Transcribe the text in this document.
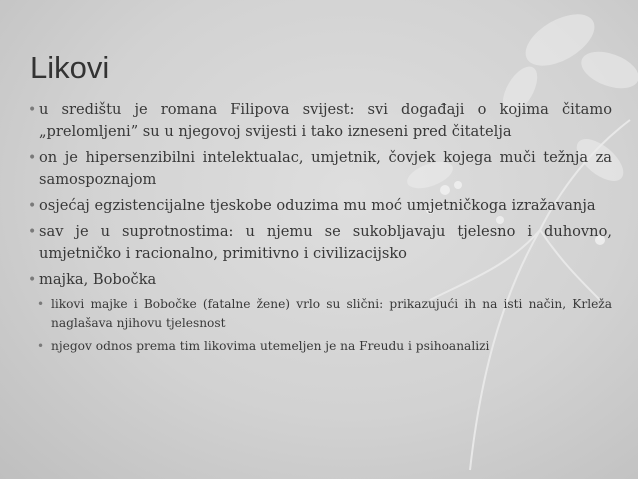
Likovi
• u središtu je romana Filipova svijest: svi događaji o kojima čitamo „prelomljeni” su u njegovoj svijesti i tako izneseni pred čitatelja
• on je hipersenzibilni intelektualac, umjetnik, čovjek kojega muči težnja za samospoznajom
• osjećaj egzistencijalne tjeskobe oduzima mu moć umjetničkoga izražavanja
• sav je u suprotnostima: u njemu se sukobljavaju tjelesno i duhovno, umjetničko i racionalno, primitivno i civilizacijsko
• majka, Bobočka
• likovi majke i Bobočke (fatalne žene) vrlo su slični: prikazujući ih na isti način, Krleža naglašava njihovu tjelesnost
• njegov odnos prema tim likovima utemeljen je na Freudu i psihoanalizi
